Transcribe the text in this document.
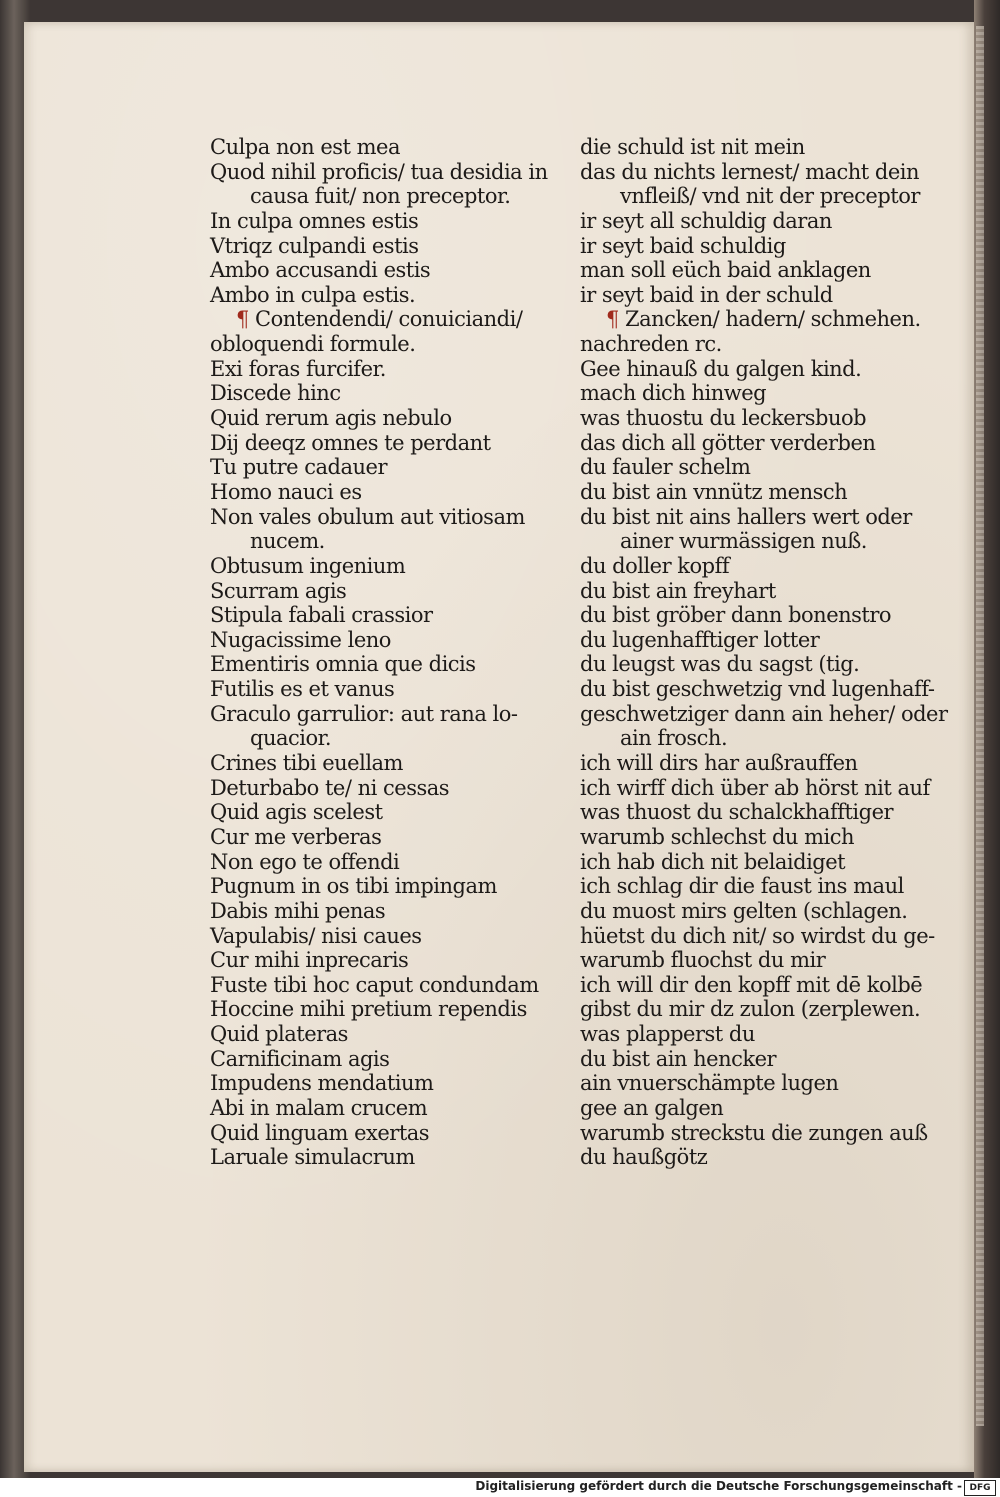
Culpa non est mea
Quod nihil proficis/ tua desidia in
causa fuit/ non preceptor.
In culpa omnes estis
Vtriqz culpandi estis
Ambo accusandi estis
Ambo in culpa estis.
¶ Contendendi/ conuiciandi/
obloquendi formule.
Exi foras furcifer.
Discede hinc
Quid rerum agis nebulo
Dij deeqz omnes te perdant
Tu putre cadauer
Homo nauci es
Non vales obulum aut vitiosam
nucem.
Obtusum ingenium
Scurram agis
Stipula fabali crassior
Nugacissime leno
Ementiris omnia que dicis
Futilis es et vanus
Graculo garrulior: aut rana lo-
quacior.
Crines tibi euellam
Deturbabo te/ ni cessas
Quid agis scelest
Cur me verberas
Non ego te offendi
Pugnum in os tibi impingam
Dabis mihi penas
Vapulabis/ nisi caues
Cur mihi inprecaris
Fuste tibi hoc caput condundam
Hoccine mihi pretium rependis
Quid plateras
Carnificinam agis
Impudens mendatium
Abi in malam crucem
Quid linguam exertas
Laruale simulacrum
die schuld ist nit mein
das du nichts lernest/ macht dein
vnfleiß/ vnd nit der preceptor
ir seyt all schuldig daran
ir seyt baid schuldig
man soll eüch baid anklagen
ir seyt baid in der schuld
¶ Zancken/ hadern/ schmehen.
nachreden rc.
Gee hinauß du galgen kind.
mach dich hinweg
was thuostu du leckersbuob
das dich all götter verderben
du fauler schelm
du bist ain vnnütz mensch
du bist nit ains hallers wert oder
ainer wurmässigen nuß.
du doller kopff
du bist ain freyhart
du bist gröber dann bonenstro
du lugenhafftiger lotter
du leugst was du sagst (tig.
du bist geschwetzig vnd lugenhaff-
geschwetziger dann ain heher/ oder
ain frosch.
ich will dirs har außrauffen
ich wirff dich über ab hörst nit auf
was thuost du schalckhafftiger
warumb schlechst du mich
ich hab dich nit belaidiget
ich schlag dir die faust ins maul
du muost mirs gelten (schlagen.
hüetst du dich nit/ so wirdst du ge-
warumb fluochst du mir
ich will dir den kopff mit dē kolbē
gibst du mir dz zulon (zerplewen.
was plapperst du
du bist ain hencker
ain vnuerschämpte lugen
gee an galgen
warumb streckstu die zungen auß
du haußgötz
Digitalisierung gefördert durch die Deutsche Forschungsgemeinschaft - DFG
